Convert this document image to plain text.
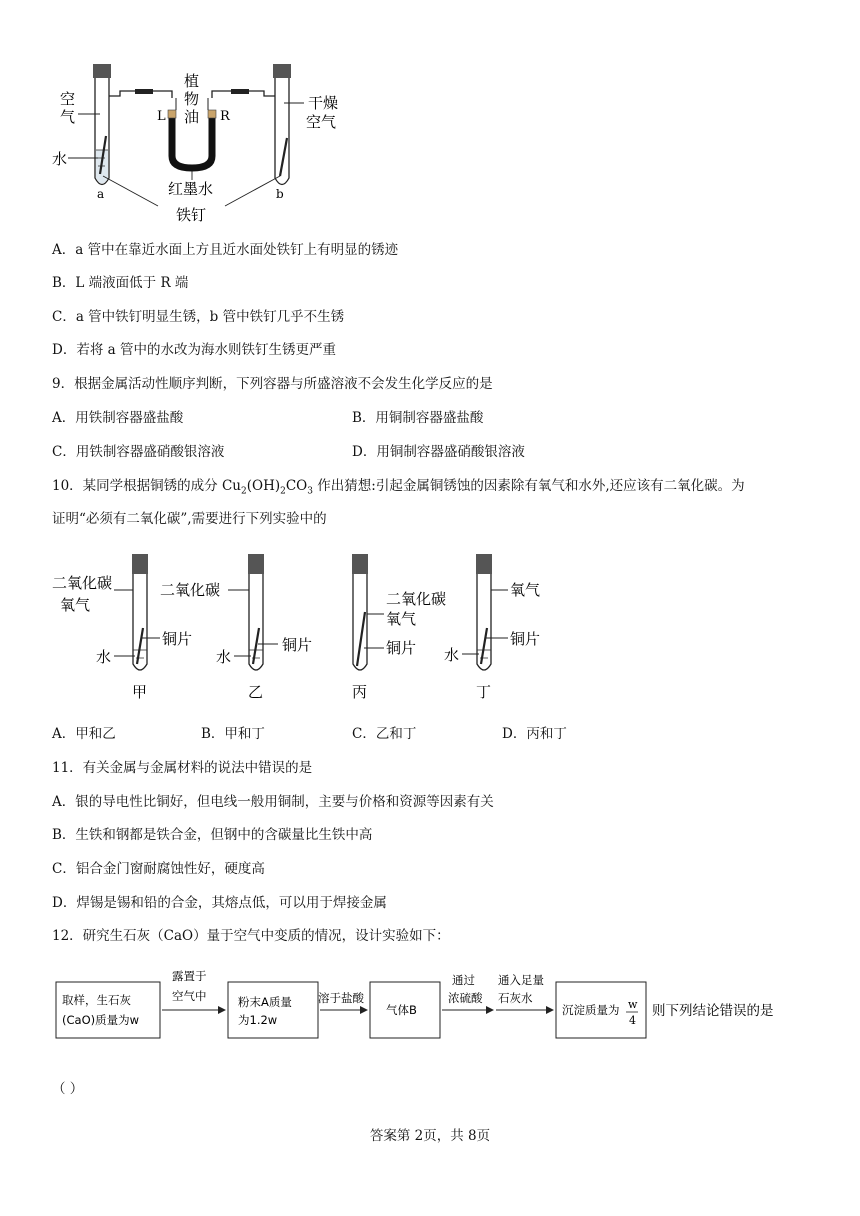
空
气
水
a	b
植
物
油
L	R
干燥
空气
红墨水
铁钉
A．a 管中在靠近水面上方且近水面处铁钉上有明显的锈迹
B．L 端液面低于 R 端
C．a 管中铁钉明显生锈，b 管中铁钉几乎不生锈
D．若将 a 管中的水改为海水则铁钉生锈更严重
9．根据金属活动性顺序判断，下列容器与所盛溶液不会发生化学反应的是
A．用铁制容器盛盐酸	B．用铜制容器盛盐酸
C．用铁制容器盛硝酸银溶液	D．用铜制容器盛硝酸银溶液
10．某同学根据铜锈的成分 $Cu_2(OH)_2CO_3$ 作出猜想:引起金属铜锈蚀的因素除有氧气和水外,还应该有二氧化碳。为
证明“必须有二氧化碳”,需要进行下列实验中的
二氧化碳
氧气
铜片
水
甲
二氧化碳
铜片
水
乙
二氧化碳
氧气
铜片
丙
氧气
铜片
水
丁
A．甲和乙	B．甲和丁	C．乙和丁	D．丙和丁
11．有关金属与金属材料的说法中错误的是
A．银的导电性比铜好，但电线一般用铜制，主要与价格和资源等因素有关
B．生铁和钢都是铁合金，但钢中的含碳量比生铁中高
C．铝合金门窗耐腐蚀性好，硬度高
D．焊锡是锡和铅的合金，其熔点低，可以用于焊接金属
12．研究生石灰（CaO）量于空气中变质的情况，设计实验如下：
取样，生石灰
(CaO)质量为w
露置于
空气中	粉末A质量
为1.2w
溶于盐酸
气体B
通过
浓硫酸
通入足量
石灰水
沉淀质量为 w
4
则下列结论错误的是
（ ）
答案第 2页，共 8页
